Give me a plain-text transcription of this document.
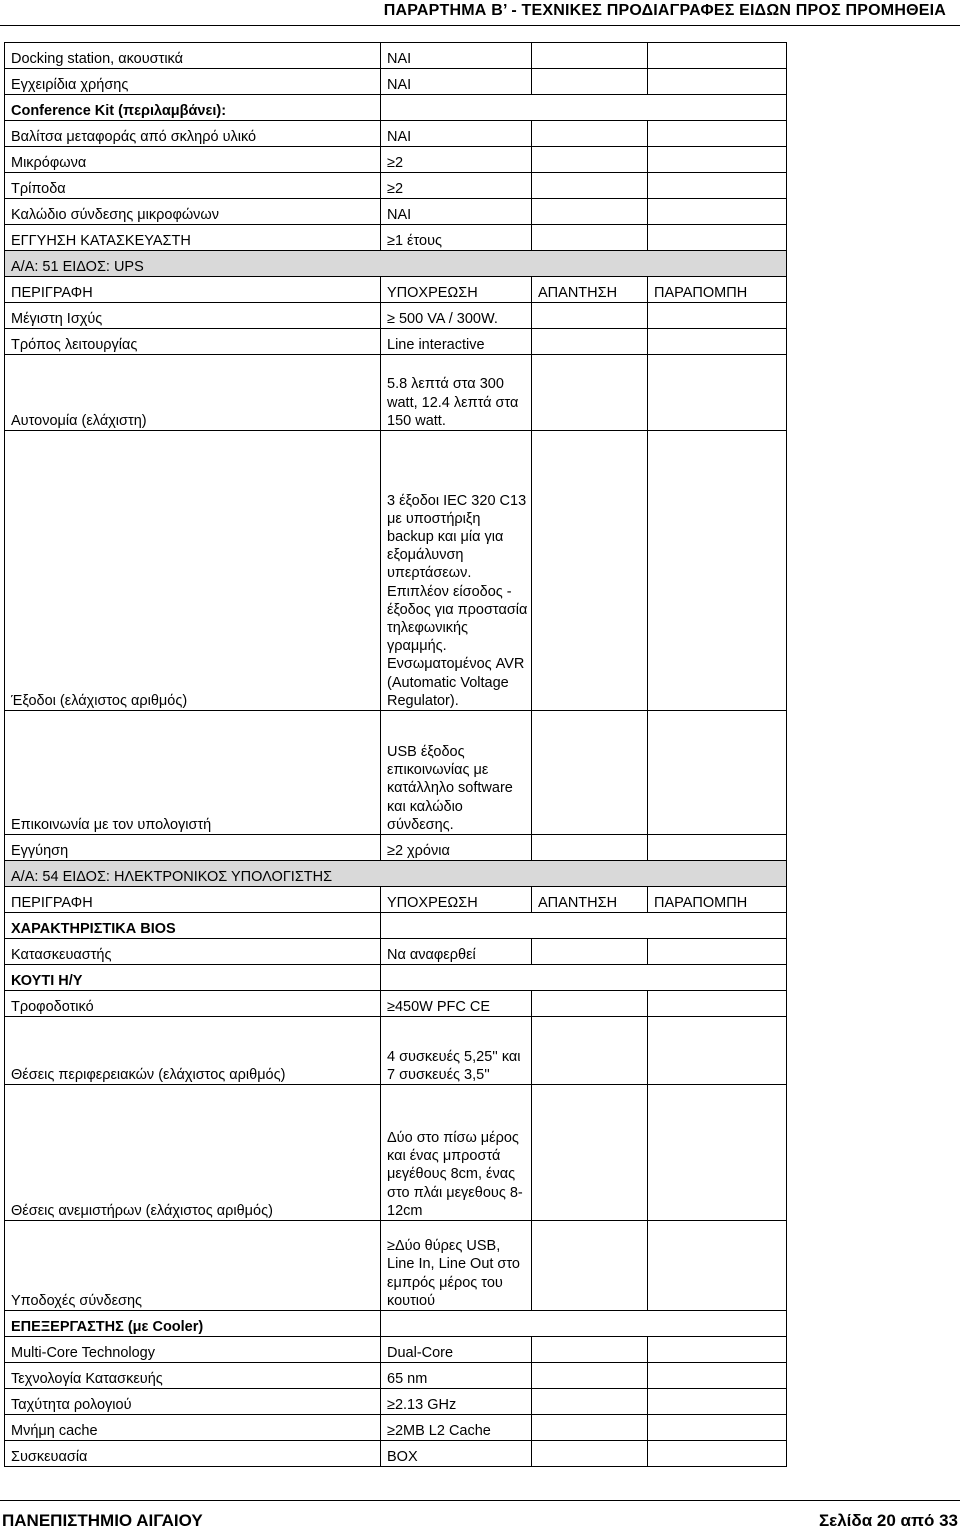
ΠΑΡΑΡΤΗΜΑ Β’ - ΤΕΧΝΙΚΕΣ ΠΡΟΔΙΑΓΡΑΦΕΣ ΕΙΔΩΝ ΠΡΟΣ ΠΡΟΜΗΘΕΙΑ
Docking station, ακουστικά	ΝΑΙ		
Εγχειρίδια χρήσης	ΝΑΙ		
Conference Kit (περιλαμβάνει):			
Βαλίτσα μεταφοράς από σκληρό υλικό	ΝΑΙ		
Μικρόφωνα	≥2		
Τρίποδα	≥2		
Καλώδιο σύνδεσης μικροφώνων	ΝΑΙ		
ΕΓΓΥΗΣΗ ΚΑΤΑΣΚΕΥΑΣΤΗ	≥1 έτους		
Α/Α: 51 ΕΙΔΟΣ: UPS			
ΠΕΡΙΓΡΑΦΗ	ΥΠΟΧΡΕΩΣΗ	ΑΠΑΝΤΗΣΗ	ΠΑΡΑΠΟΜΠΗ
Μέγιστη Ισχύς	≥ 500 VA / 300W.		
Τρόπος λειτουργίας	Line interactive		
Αυτονομία (ελάχιστη)	5.8 λεπτά στα 300 watt, 12.4 λεπτά στα 150 watt.		
Έξοδοι (ελάχιστος αριθμός)	3 έξοδοι IEC 320 C13 με υποστήριξη backup και μία για εξομάλυνση υπερτάσεων. Επιπλέον είσοδος - έξοδος για προστασία τηλεφωνικής γραμμής. Ενσωματομένος AVR (Automatic Voltage Regulator).		
Επικοινωνία με τον υπολογιστή	USB έξοδος επικοινωνίας με κατάλληλο software και καλώδιο σύνδεσης.		
Εγγύηση	≥2 χρόνια		
Α/Α: 54 ΕΙΔΟΣ: ΗΛΕΚΤΡΟΝΙΚΟΣ ΥΠΟΛΟΓΙΣΤΗΣ			
ΠΕΡΙΓΡΑΦΗ	ΥΠΟΧΡΕΩΣΗ	ΑΠΑΝΤΗΣΗ	ΠΑΡΑΠΟΜΠΗ
ΧΑΡΑΚΤΗΡΙΣΤΙΚΑ BIOS			
Κατασκευαστής	Να αναφερθεί		
ΚΟΥΤΙ Η/Υ			
Τροφοδοτικό	≥450W PFC CE		
Θέσεις περιφερειακών (ελάχιστος αριθμός)	4 συσκευές 5,25'' και 7 συσκευές 3,5''		
Θέσεις ανεμιστήρων (ελάχιστος αριθμός)	Δύο στο πίσω μέρος και ένας μπροστά μεγέθους 8cm, ένας στο πλάι μεγεθους 8-12cm		
Υποδοχές σύνδεσης	≥Δύο θύρες USB, Line In, Line Out στο εμπρός μέρος του κουτιού		
ΕΠΕΞΕΡΓΑΣΤΗΣ (με Cooler)			
Multi-Core Technology	Dual-Core		
Τεχνολογία Κατασκευής	65 nm		
Ταχύτητα ρολογιού	≥2.13 GHz		
Μνήμη cache	≥2MB L2 Cache		
Συσκευασία	BOX		
ΠΑΝΕΠΙΣΤΗΜΙΟ ΑΙΓΑΙΟΥ	Σελίδα 20 από 33
